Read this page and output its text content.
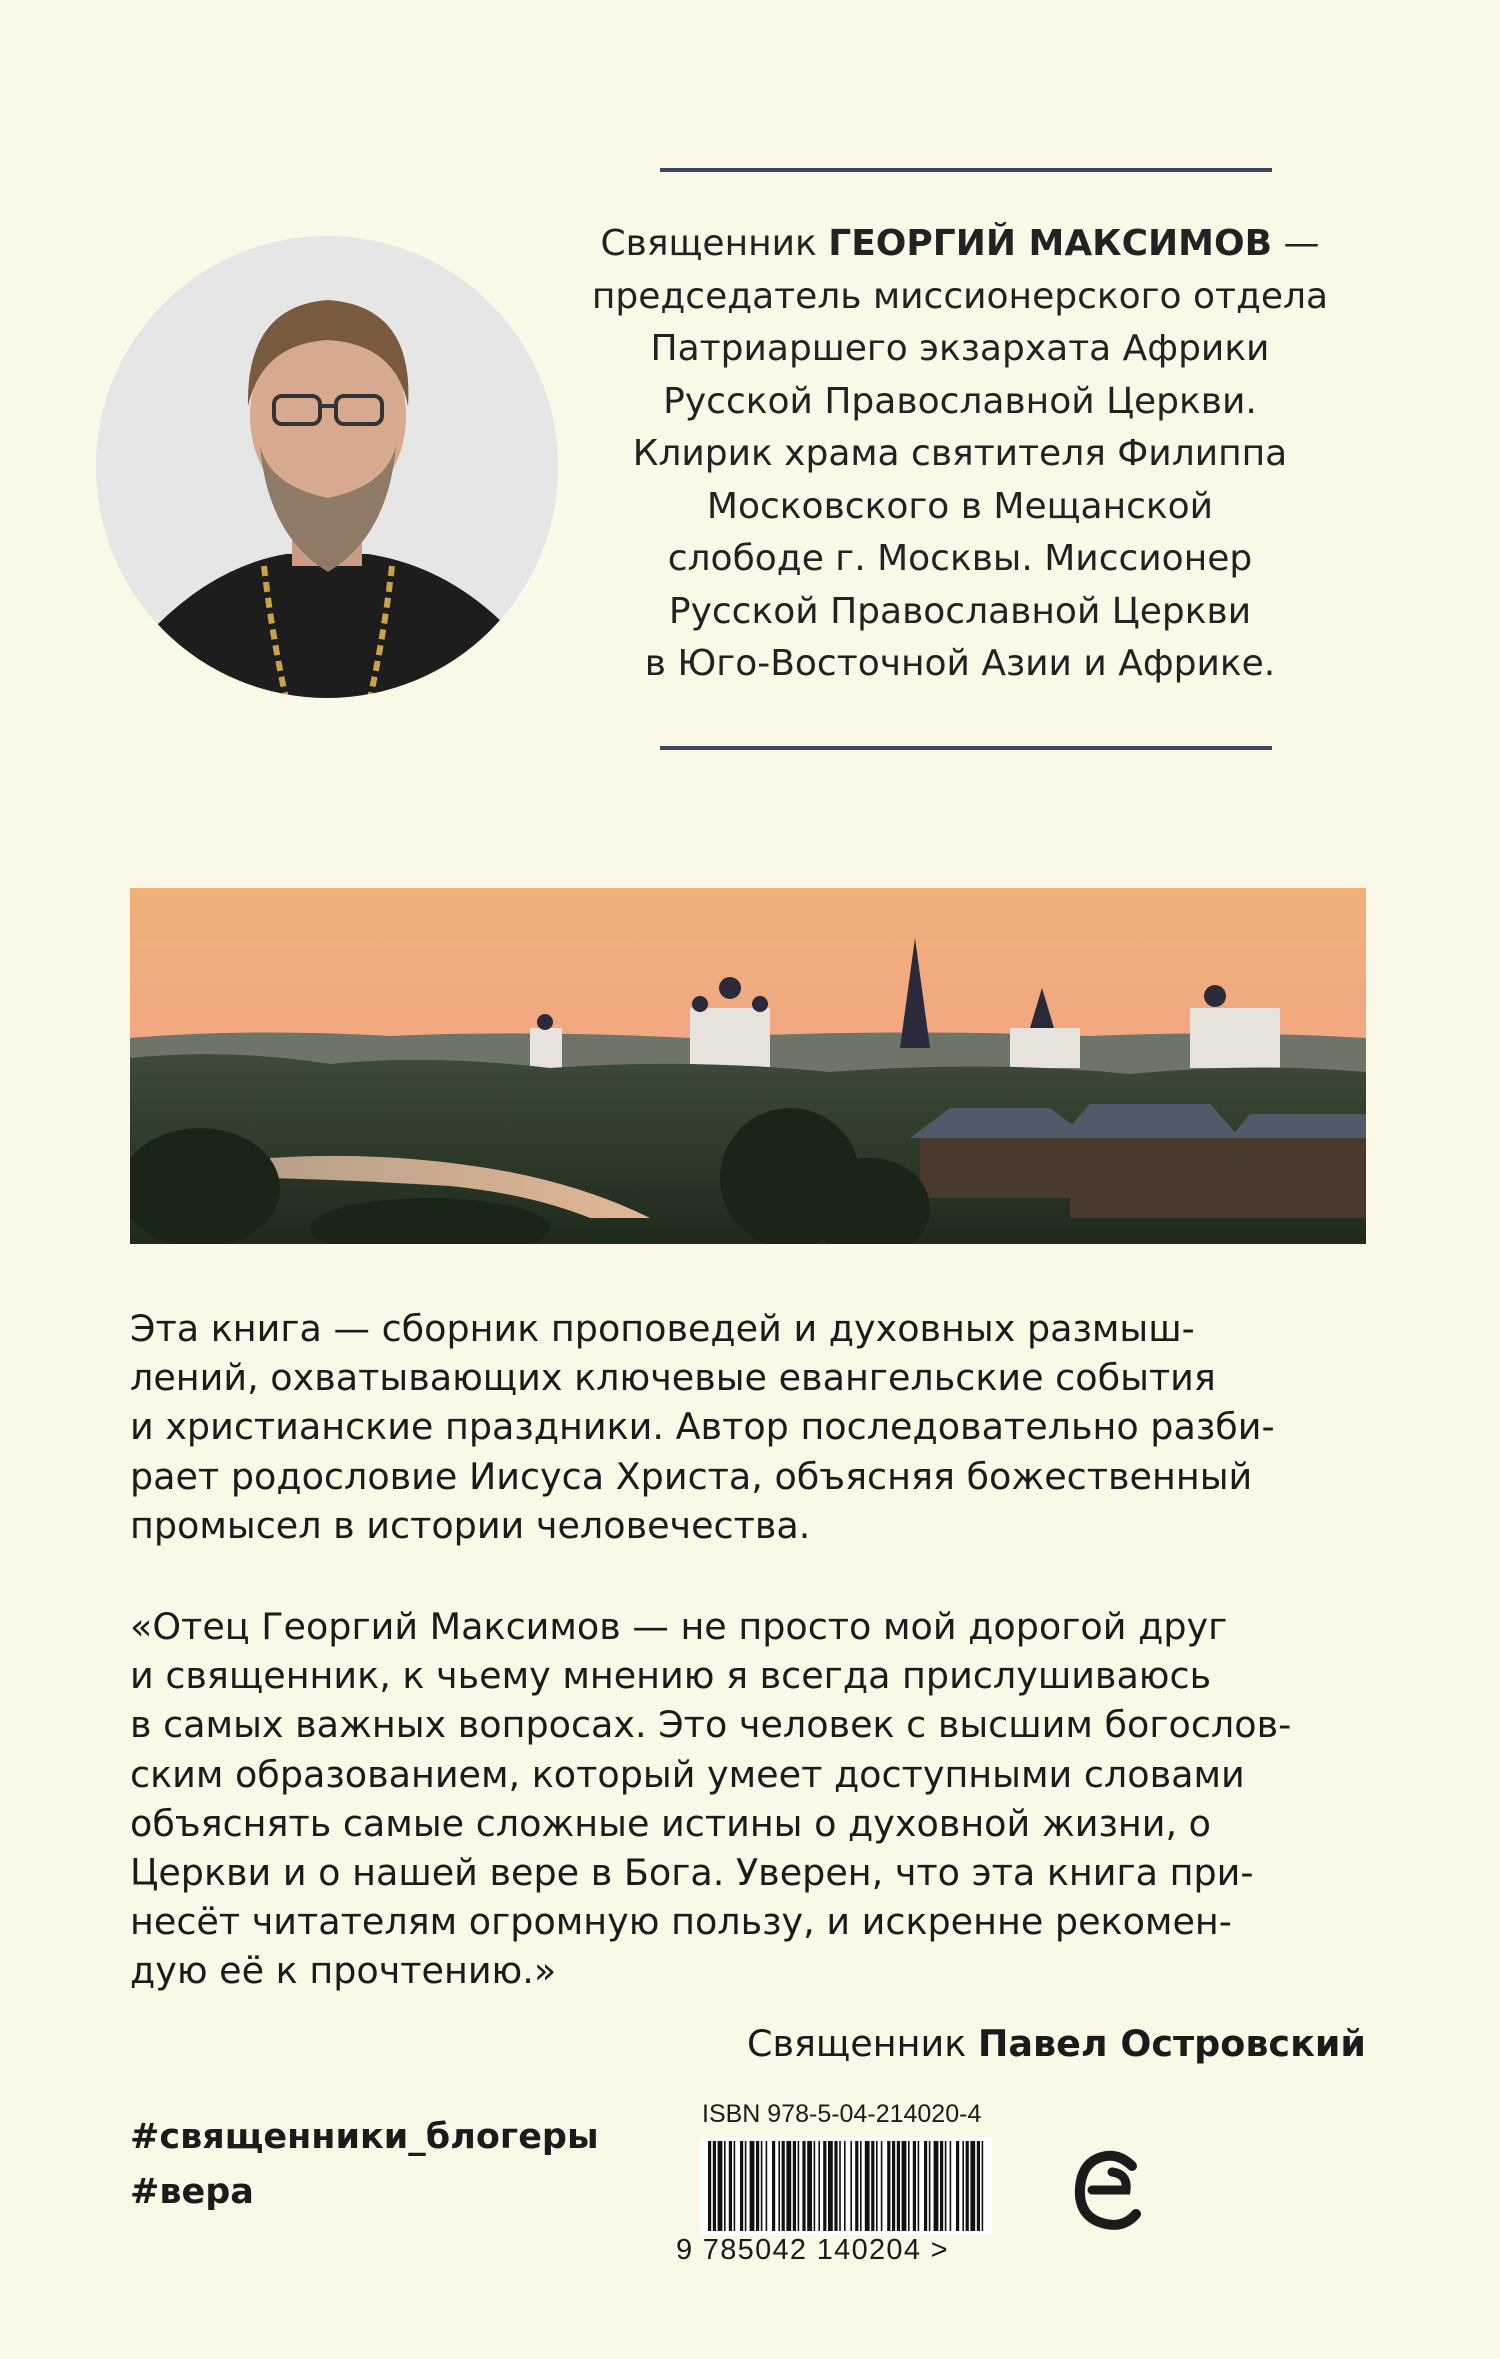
Священник ГЕОРГИЙ МАКСИМОВ —

председатель миссионерского отдела

Патриаршего экзархата Африки

Русской Православной Церкви.

Клирик храма святителя Филиппа

Московского в Мещанской

слободе г. Москвы. Миссионер

Русской Православной Церкви

в Юго-Восточной Азии и Африке.

Эта книга — сборник проповедей и духовных размыш-

лений, охватывающих ключевые евангельские события

и христианские праздники. Автор последовательно разби-

рает родословие Иисуса Христа, объясняя божественный

промысел в истории человечества.

«Отец Георгий Максимов — не просто мой дорогой друг

и священник, к чьему мнению я всегда прислушиваюсь

в самых важных вопросах. Это человек с высшим богослов-

ским образованием, который умеет доступными словами

объяснять самые сложные истины о духовной жизни, о

Церкви и о нашей вере в Бога. Уверен, что эта книга при-

несёт читателям огромную пользу, и искренне рекомен-

дую её к прочтению.»

Священник Павел Островский
#священники_блогеры
#вера
ISBN 978-5-04-214020-4
9 785042 140204 >
